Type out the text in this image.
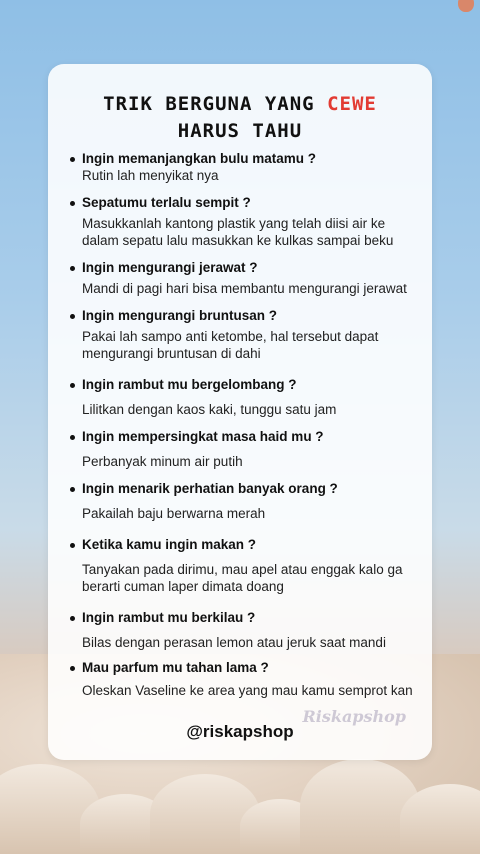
TRIK BERGUNA YANG CEWE
HARUS TAHU
Ingin memanjangkan bulu matamu ?
Rutin lah menyikat nya
Sepatumu terlalu sempit ?
Masukkanlah kantong plastik yang telah diisi air ke dalam sepatu lalu masukkan ke kulkas sampai beku
Ingin mengurangi jerawat ?
Mandi di pagi hari bisa membantu mengurangi jerawat
Ingin mengurangi bruntusan ?
Pakai lah sampo anti ketombe, hal tersebut dapat mengurangi bruntusan di dahi
Ingin rambut mu bergelombang ?
Lilitkan dengan kaos kaki, tunggu satu jam
Ingin mempersingkat masa haid mu ?
Perbanyak minum air putih
Ingin menarik perhatian banyak orang ?
Pakailah baju berwarna merah
Ketika kamu ingin makan ?
Tanyakan pada dirimu, mau apel atau enggak kalo ga berarti cuman laper dimata doang
Ingin rambut mu berkilau ?
Bilas dengan perasan lemon atau jeruk saat mandi
Mau parfum mu tahan lama ?
Oleskan Vaseline ke area yang mau kamu semprot kan
Riskapshop
@riskapshop
